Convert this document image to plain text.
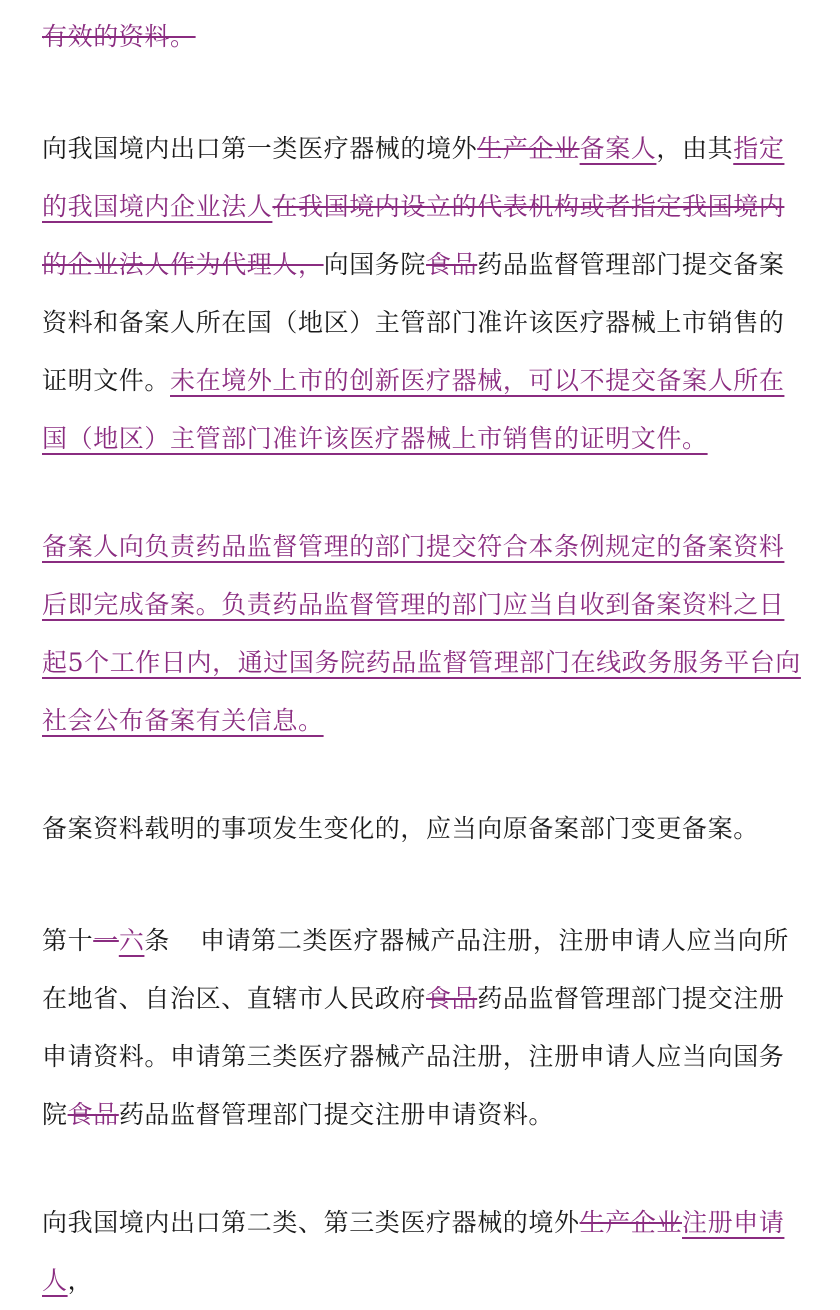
有效的资料。
向我国境内出口第一类医疗器械的境外生产企业备案人，由其指定的我国境内企业法人在我国境内设立的代表机构或者指定我国境内的企业法人作为代理人，向国务院食品药品监督管理部门提交备案资料和备案人所在国（地区）主管部门准许该医疗器械上市销售的证明文件。未在境外上市的创新医疗器械，可以不提交备案人所在国（地区）主管部门准许该医疗器械上市销售的证明文件。
备案人向负责药品监督管理的部门提交符合本条例规定的备案资料后即完成备案。负责药品监督管理的部门应当自收到备案资料之日起5个工作日内，通过国务院药品监督管理部门在线政务服务平台向社会公布备案有关信息。
备案资料载明的事项发生变化的，应当向原备案部门变更备案。
第十一六条 申请第二类医疗器械产品注册，注册申请人应当向所在地省、自治区、直辖市人民政府食品药品监督管理部门提交注册申请资料。申请第三类医疗器械产品注册，注册申请人应当向国务院食品药品监督管理部门提交注册申请资料。
向我国境内出口第二类、第三类医疗器械的境外生产企业注册申请人，
